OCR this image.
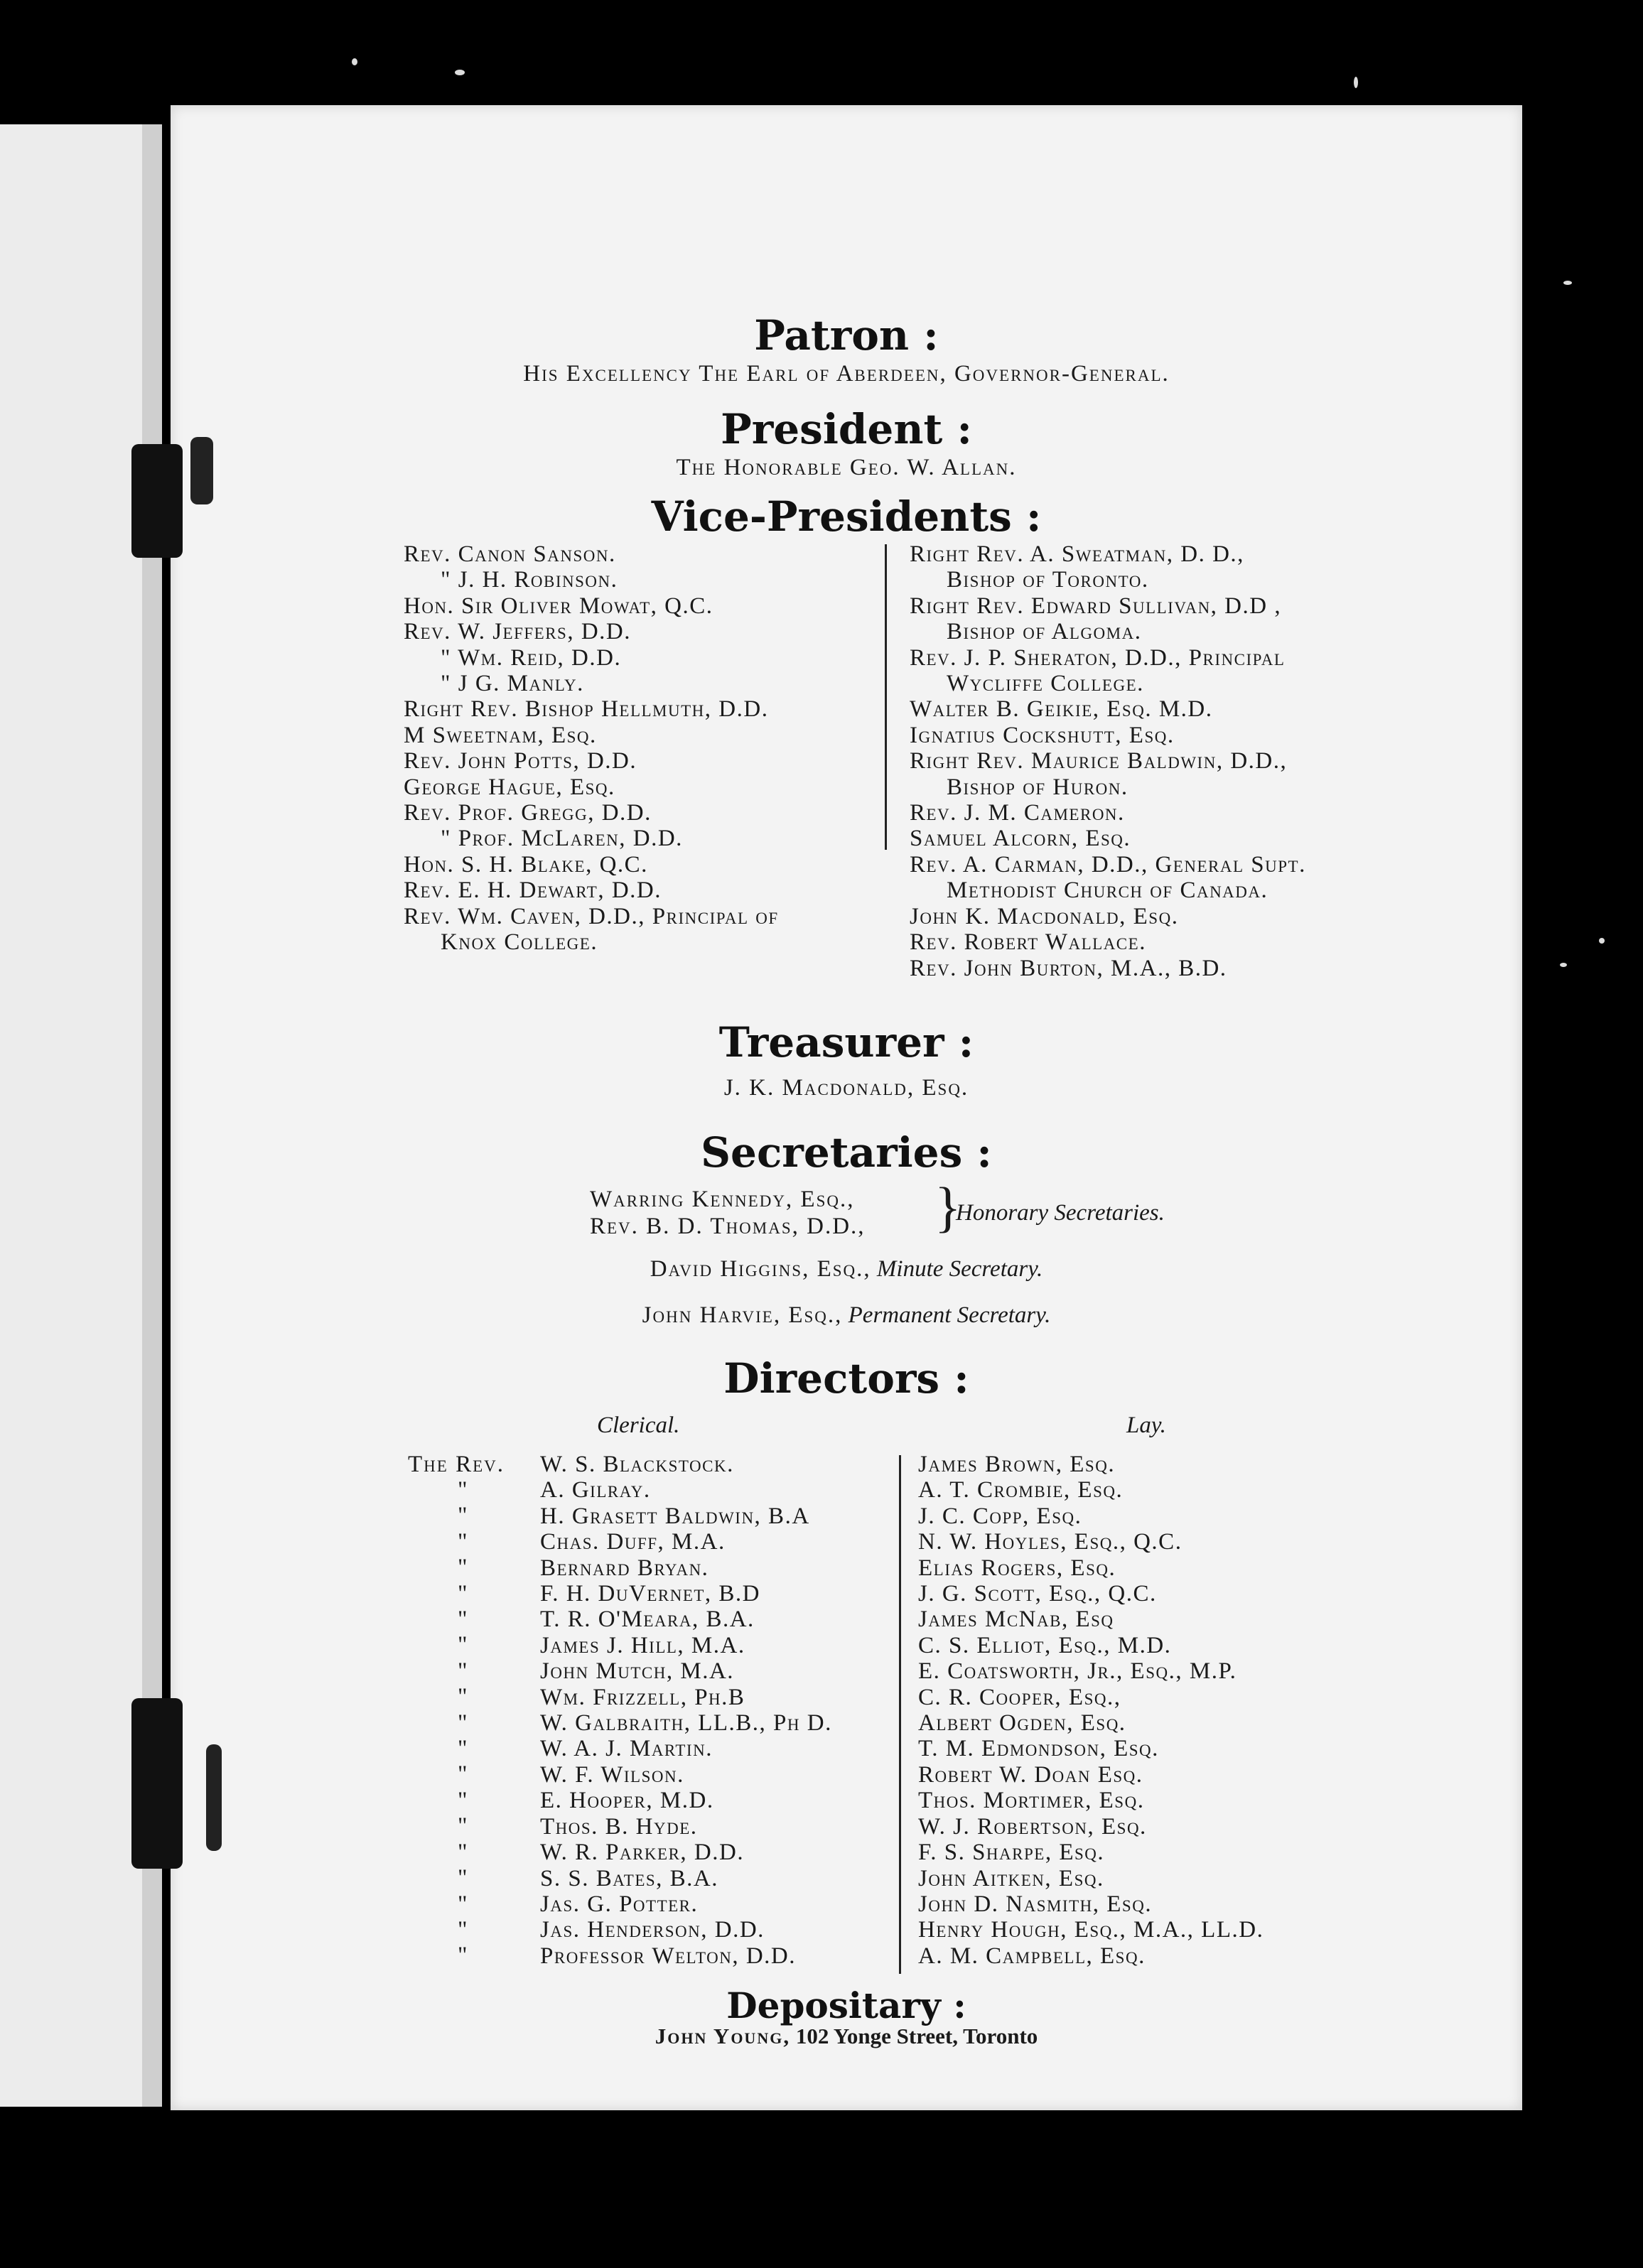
Patron :
His Excellency The Earl of Aberdeen, Governor-General.
President :
The Honorable Geo. W. Allan.
Vice-Presidents :
Rev. Canon Sanson.
" J. H. Robinson.
Hon. Sir Oliver Mowat, Q.C.
Rev. W. Jeffers, D.D.
" Wm. Reid, D.D.
" J G. Manly.
Right Rev. Bishop Hellmuth, D.D.
M Sweetnam, Esq.
Rev. John Potts, D.D.
George Hague, Esq.
Rev. Prof. Gregg, D.D.
" Prof. McLaren, D.D.
Hon. S. H. Blake, Q.C.
Rev. E. H. Dewart, D.D.
Rev. Wm. Caven, D.D., Principal of
Knox College.
Right Rev. A. Sweatman, D. D.,
Bishop of Toronto.
Right Rev. Edward Sullivan, D.D ,
Bishop of Algoma.
Rev. J. P. Sheraton, D.D., Principal
Wycliffe College.
Walter B. Geikie, Esq. M.D.
Ignatius Cockshutt, Esq.
Right Rev. Maurice Baldwin, D.D.,
Bishop of Huron.
Rev. J. M. Cameron.
Samuel Alcorn, Esq.
Rev. A. Carman, D.D., General Supt.
Methodist Church of Canada.
John K. Macdonald, Esq.
Rev. Robert Wallace.
Rev. John Burton, M.A., B.D.
Treasurer :
J. K. Macdonald, Esq.
Secretaries :
Warring Kennedy, Esq.,
Rev. B. D. Thomas, D.D., }
Honorary Secretaries.
David Higgins, Esq., Minute Secretary.
John Harvie, Esq., Permanent Secretary.
Directors :
Clerical.	Lay.
The Rev.
"
"
"
"
"
"
"
"
"
"
"
"
"
"
"
"
"
"
"
W. S. Blackstock.
A. Gilray.
H. Grasett Baldwin, B.A
Chas. Duff, M.A.
Bernard Bryan.
F. H. DuVernet, B.D
T. R. O'Meara, B.A.
James J. Hill, M.A.
John Mutch, M.A.
Wm. Frizzell, Ph.B
W. Galbraith, LL.B., Ph D.
W. A. J. Martin.
W. F. Wilson.
E. Hooper, M.D.
Thos. B. Hyde.
W. R. Parker, D.D.
S. S. Bates, B.A.
Jas. G. Potter.
Jas. Henderson, D.D.
Professor Welton, D.D.
James Brown, Esq.
A. T. Crombie, Esq.
J. C. Copp, Esq.
N. W. Hoyles, Esq., Q.C.
Elias Rogers, Esq.
J. G. Scott, Esq., Q.C.
James McNab, Esq
C. S. Elliot, Esq., M.D.
E. Coatsworth, Jr., Esq., M.P.
C. R. Cooper, Esq.,
Albert Ogden, Esq.
T. M. Edmondson, Esq.
Robert W. Doan Esq.
Thos. Mortimer, Esq.
W. J. Robertson, Esq.
F. S. Sharpe, Esq.
John Aitken, Esq.
John D. Nasmith, Esq.
Henry Hough, Esq., M.A., LL.D.
A. M. Campbell, Esq.
Depositary :
John Young, 102 Yonge Street, Toronto
